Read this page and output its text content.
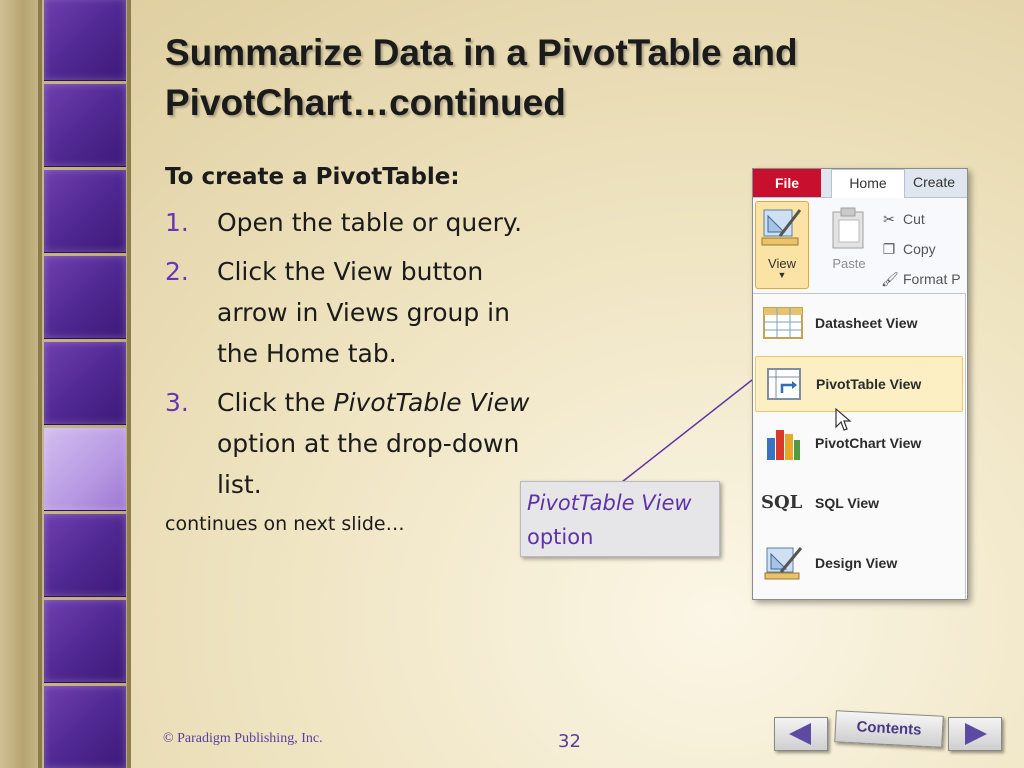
Summarize Data in a PivotTable and PivotChart…continued
To create a PivotTable:
1. Open the table or query.
2. Click the View button arrow in Views group in the Home tab.
3. Click the PivotTable View option at the drop-down list.
continues on next slide…
PivotTable View
option
File	Home	Create
View
▼
Paste
✂ Cut
❐ Copy
🖌 Format P
Datasheet View
PivotTable View
PivotChart View
SQL SQL View
Design View
© Paradigm Publishing, Inc.	32
Contents
